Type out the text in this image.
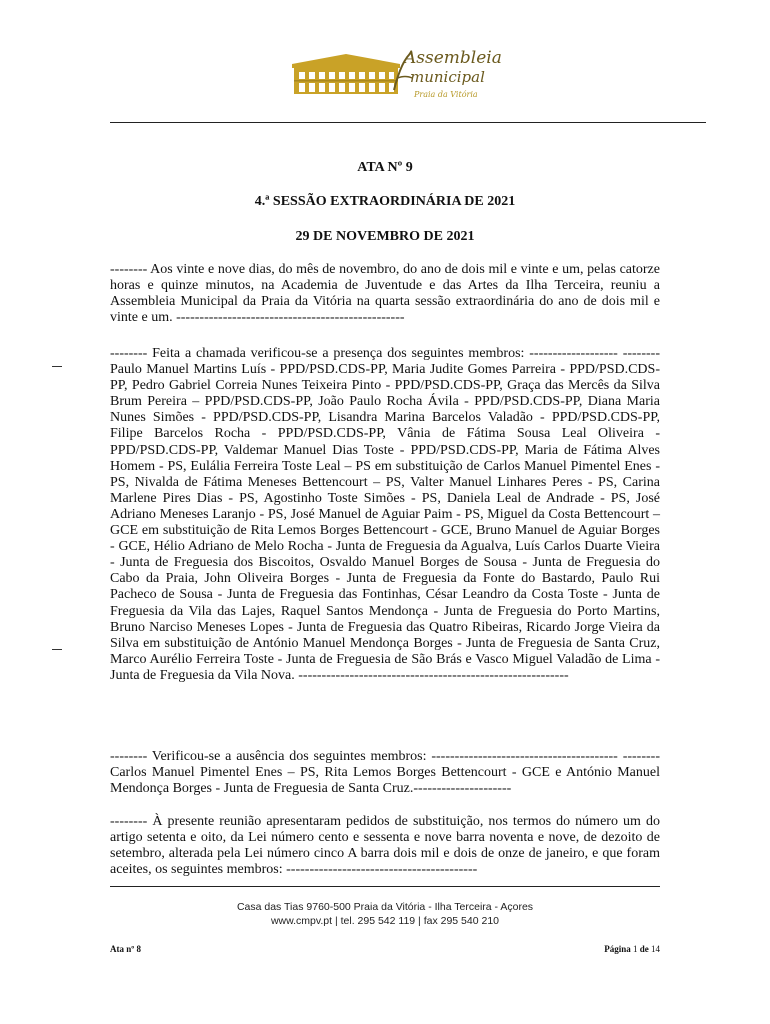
Assembleia
municipal
Praia da Vitória
ATA Nº 9
4.ª SESSÃO EXTRAORDINÁRIA DE 2021
29 DE NOVEMBRO DE 2021
-------- Aos vinte e nove dias, do mês de novembro, do ano de dois mil e vinte e um, pelas catorze horas e quinze minutos, na Academia de Juventude e das Artes da Ilha Terceira, reuniu a Assembleia Municipal da Praia da Vitória na quarta sessão extraordinária do ano de dois mil e vinte e um. -------------------------------------------------
-------- Feita a chamada verificou-se a presença dos seguintes membros: ------------------- -------- Paulo Manuel Martins Luís - PPD/PSD.CDS-PP, Maria Judite Gomes Parreira - PPD/PSD.CDS-PP, Pedro Gabriel Correia Nunes Teixeira Pinto - PPD/PSD.CDS-PP, Graça das Mercês da Silva Brum Pereira – PPD/PSD.CDS-PP, João Paulo Rocha Ávila - PPD/PSD.CDS-PP, Diana Maria Nunes Simões - PPD/PSD.CDS-PP, Lisandra Marina Barcelos Valadão - PPD/PSD.CDS-PP, Filipe Barcelos Rocha - PPD/PSD.CDS-PP, Vânia de Fátima Sousa Leal Oliveira - PPD/PSD.CDS-PP, Valdemar Manuel Dias Toste - PPD/PSD.CDS-PP, Maria de Fátima Alves Homem - PS, Eulália Ferreira Toste Leal – PS em substituição de Carlos Manuel Pimentel Enes - PS, Nivalda de Fátima Meneses Bettencourt – PS, Valter Manuel Linhares Peres - PS, Carina Marlene Pires Dias - PS, Agostinho Toste Simões - PS, Daniela Leal de Andrade - PS, José Adriano Meneses Laranjo - PS, José Manuel de Aguiar Paim - PS, Miguel da Costa Bettencourt – GCE em substituição de Rita Lemos Borges Bettencourt - GCE, Bruno Manuel de Aguiar Borges - GCE, Hélio Adriano de Melo Rocha - Junta de Freguesia da Agualva, Luís Carlos Duarte Vieira - Junta de Freguesia dos Biscoitos, Osvaldo Manuel Borges de Sousa - Junta de Freguesia do Cabo da Praia, John Oliveira Borges - Junta de Freguesia da Fonte do Bastardo, Paulo Rui Pacheco de Sousa - Junta de Freguesia das Fontinhas, César Leandro da Costa Toste - Junta de Freguesia da Vila das Lajes, Raquel Santos Mendonça - Junta de Freguesia do Porto Martins, Bruno Narciso Meneses Lopes - Junta de Freguesia das Quatro Ribeiras, Ricardo Jorge Vieira da Silva em substituição de António Manuel Mendonça Borges - Junta de Freguesia de Santa Cruz, Marco Aurélio Ferreira Toste - Junta de Freguesia de São Brás e Vasco Miguel Valadão de Lima - Junta de Freguesia da Vila Nova. ----------------------------------------------------------
-------- Verificou-se a ausência dos seguintes membros: ---------------------------------------- --------Carlos Manuel Pimentel Enes – PS, Rita Lemos Borges Bettencourt - GCE e António Manuel Mendonça Borges - Junta de Freguesia de Santa Cruz.---------------------
-------- À presente reunião apresentaram pedidos de substituição, nos termos do número um do artigo setenta e oito, da Lei número cento e sessenta e nove barra noventa e nove, de dezoito de setembro, alterada pela Lei número cinco A barra dois mil e dois de onze de janeiro, e que foram aceites, os seguintes membros: -----------------------------------------
Casa das Tias 9760-500 Praia da Vitória - Ilha Terceira - Açores
www.cmpv.pt | tel. 295 542 119 | fax 295 540 210
Ata nº 8	Página 1 de 14
